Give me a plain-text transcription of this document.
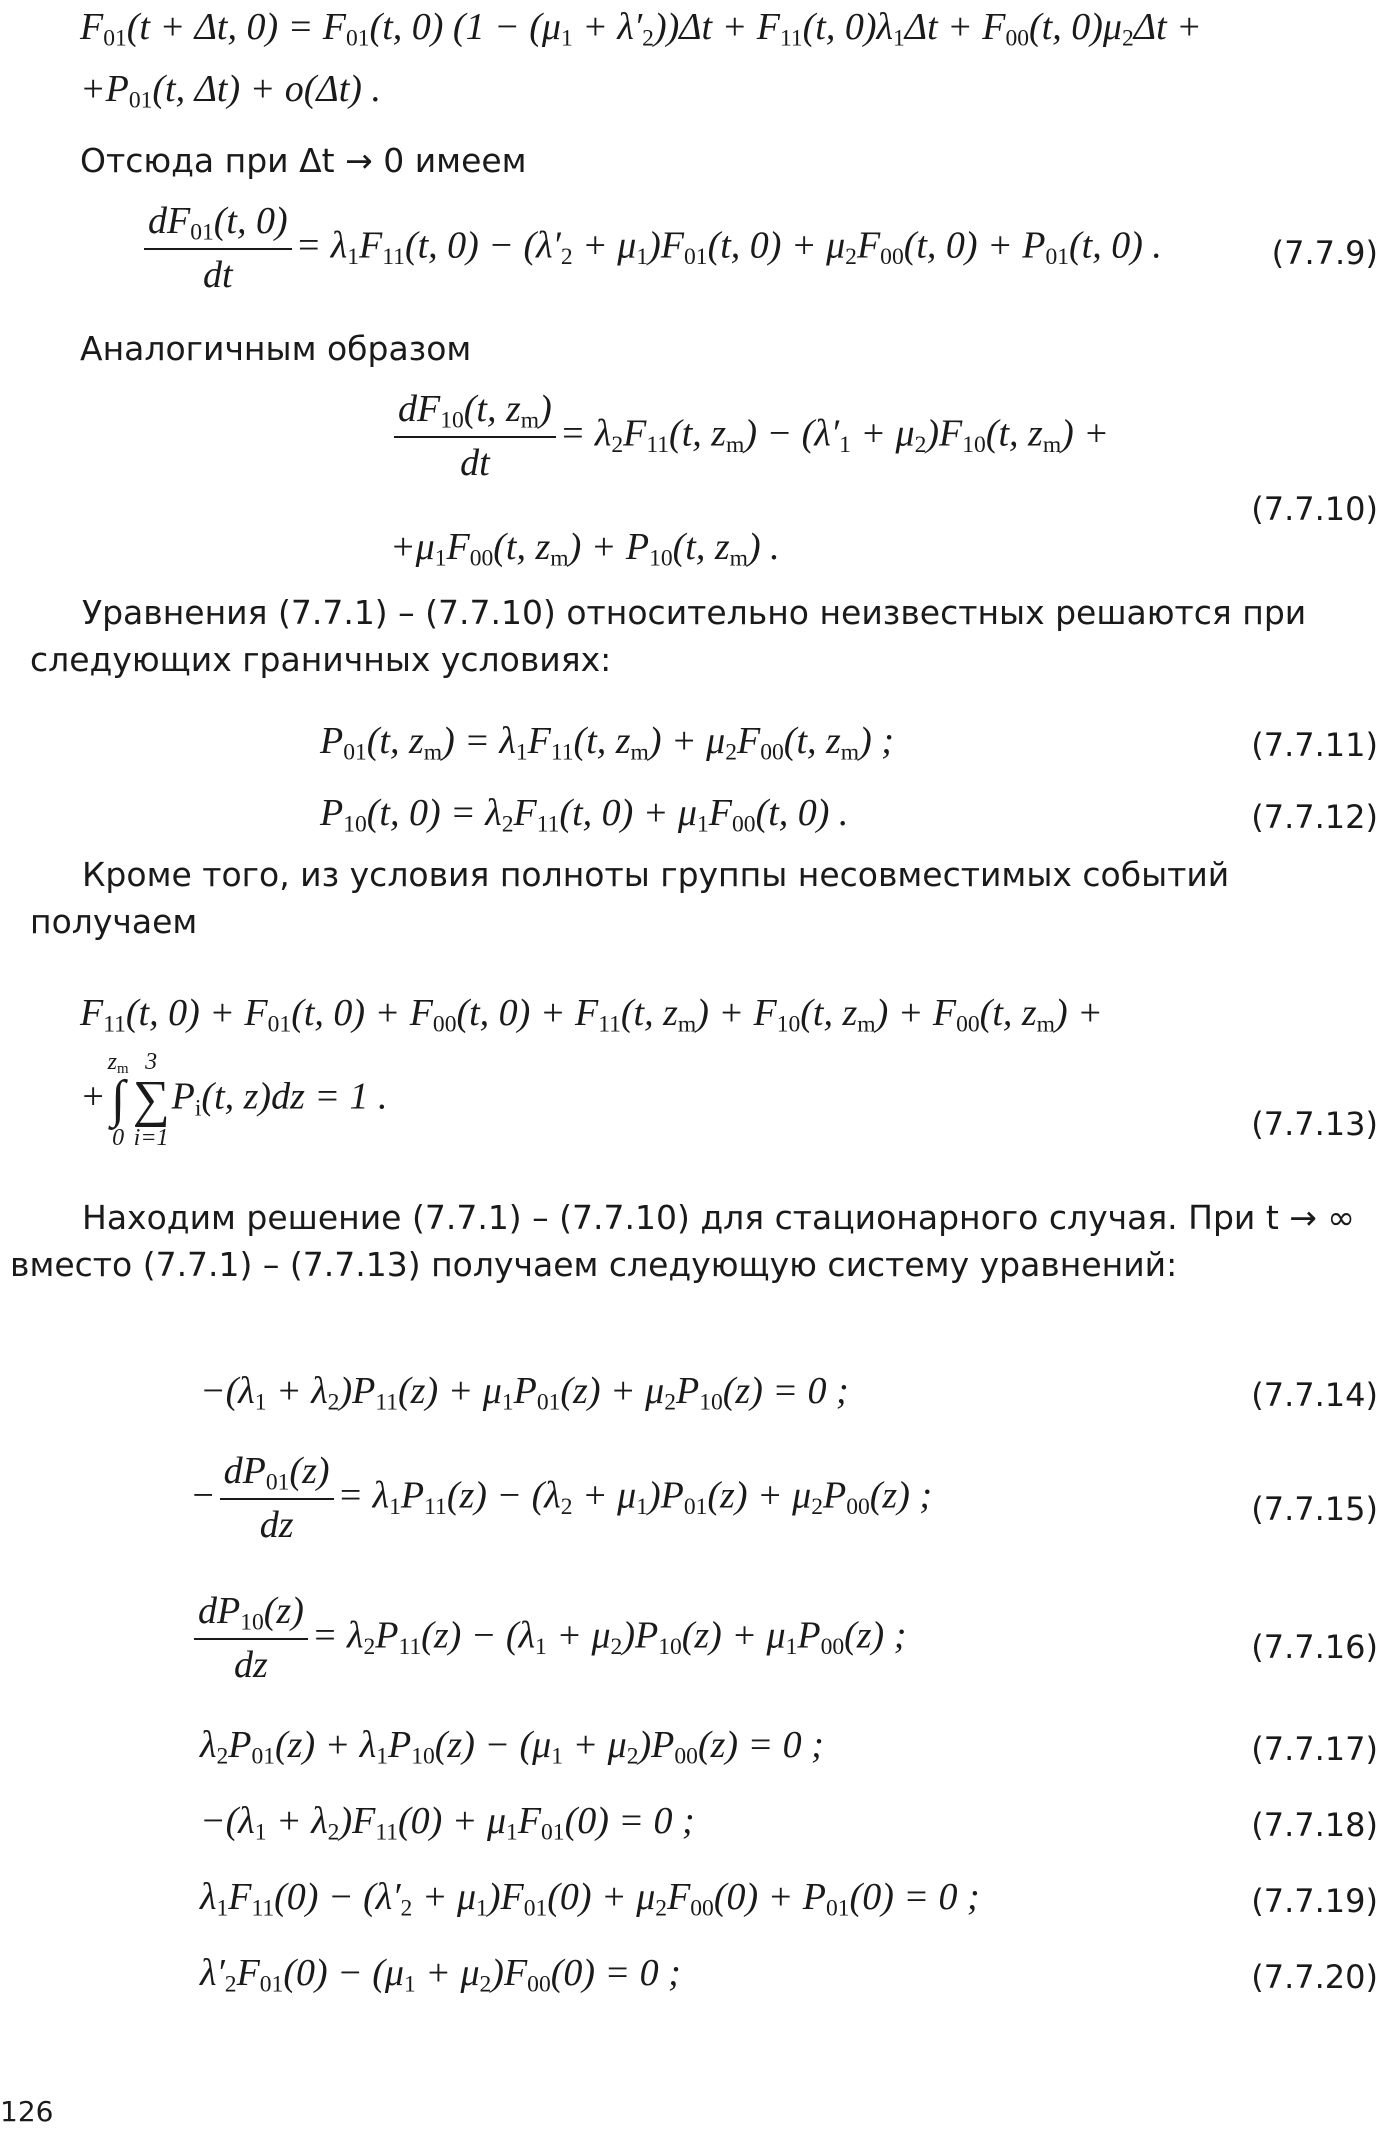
$F_{01}(t + \Delta t$, $0) = F_{01}(t$, 0) $(1 - (\mu_1 + \lambda'_2))\Delta t + F_{11}(t$, $0)\lambda_1\Delta t + F_{00}(t$, $0)\mu_2\Delta t$ +
$+P_{01}(t$, Δt) + o(Δt) .
Отсюда при Δt → 0 имеем
$\frac{dF_{01}(t, 0)}{dt} = \lambda_1F_{11}(t$, $0) - (\lambda'_2 + \mu_1)F_{01}(t$, $0) + \mu_2F_{00}(t$, $0) + P_{01}(t$, 0) .	(7.7.9)
Аналогичным образом
$\frac{dF_{10}(t, z_m)}{dt} = \lambda_2F_{11}(t$, $z_m) - (\lambda'_1 + \mu_2)F_{10}(t$, $z_m$) +
$+\mu_1F_{00}(t$, $z_m) + P_{10}(t$, $z_m$) .
(7.7.10)
Уравнения (7.7.1) – (7.7.10) относительно неизвестных решаются при следующих граничных условиях:
$P_{01}(t$, $z_m) = \lambda_1F_{11}(t$, $z_m) + \mu_2F_{00}(t$, $z_m$) ;	(7.7.11)
$P_{10}(t$, $0) = \lambda_2F_{11}(t$, $0) + \mu_1F_{00}(t$, 0) .	(7.7.12)
Кроме того, из условия полноты группы несовместимых событий получаем
$F_{11}(t$, $0) + F_{01}(t$, $0) + F_{00}(t$, $0) + F_{11}(t$, $z_m) + F_{10}(t$, $z_m) + F_{00}(t$, $z_m$) +
+
$z_m$
∫
0
3
∑
i=1
$P_i(t$, z)dz = 1 .
(7.7.13)
Находим решение (7.7.1) – (7.7.10) для стационарного случая. При t → ∞ вместо (7.7.1) – (7.7.13) получаем следующую систему уравнений:
$-(\lambda_1 + \lambda_2)P_{11}(z) + \mu_1P_{01}(z) + \mu_2P_{10}(z) = 0$ ;	(7.7.14)
− $\frac{dP_{01}(z)}{dz} = \lambda_1P_{11}(z) - (\lambda_2 + \mu_1)P_{01}(z) + \mu_2P_{00}(z)$ ;	(7.7.15)
$\frac{dP_{10}(z)}{dz} = \lambda_2P_{11}(z) - (\lambda_1 + \mu_2)P_{10}(z) + \mu_1P_{00}(z)$ ;	(7.7.16)
$\lambda_2P_{01}(z) + \lambda_1P_{10}(z) - (\mu_1 + \mu_2)P_{00}(z) = 0$ ;	(7.7.17)
$-(\lambda_1 + \lambda_2)F_{11}(0) + \mu_1F_{01}(0) = 0$ ;	(7.7.18)
$\lambda_1F_{11}(0) - (\lambda'_2 + \mu_1)F_{01}(0) + \mu_2F_{00}(0) + P_{01}(0) = 0$ ;	(7.7.19)
$\lambda'_2F_{01}(0) - (\mu_1 + \mu_2)F_{00}(0) = 0$ ;	(7.7.20)
126
